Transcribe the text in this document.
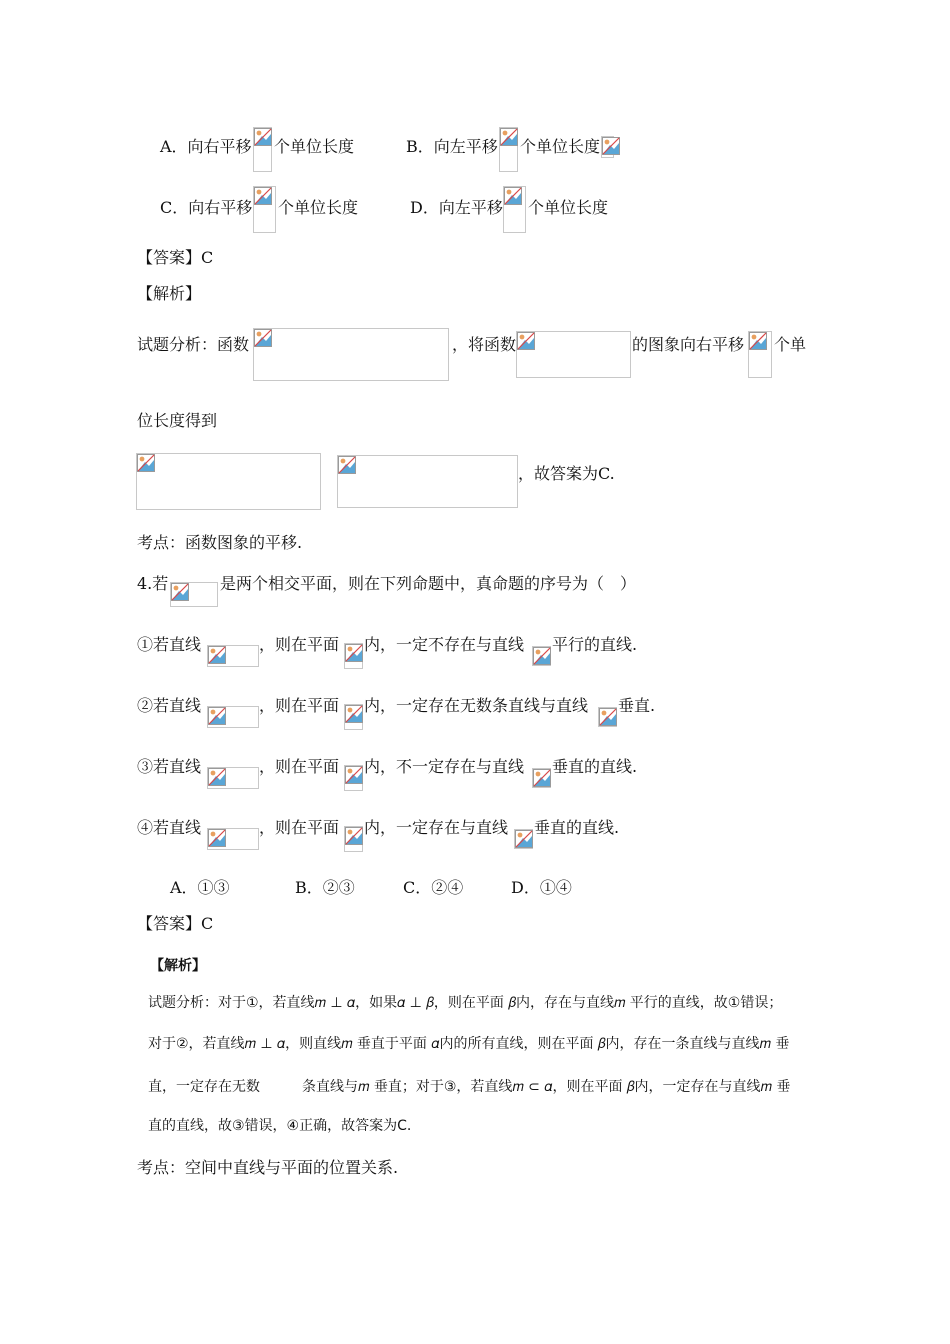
A．向右平移 个单位长度	B．向左平移 个单位长度
C．向右平移 个单位长度	D．向左平移 个单位长度
【答案】C
【解析】
试题分析：函数	，将函数	的图象向右平移 个单
位长度得到
，故答案为C.
考点：函数图象的平移.
4.若	是两个相交平面，则在下列命题中，真命题的序号为（　）
①若直线	，则在平面 内，一定不存在与直线 平行的直线.
②若直线	，则在平面 内，一定存在无数条直线与直线 垂直.
③若直线	，则在平面 内，不一定存在与直线 垂直的直线.
④若直线	，则在平面 内，一定存在与直线 垂直的直线.
A．①③	B．②③	C．②④	D．①④
【答案】C
【解析】
试题分析：对于①，若直线𝑚 ⊥ 𝛼，如果𝛼 ⊥ 𝛽，则在平面 𝛽内，存在与直线𝑚 平行的直线，故①错误；
对于②，若直线𝑚 ⊥ 𝛼，则直线𝑚 垂直于平面 𝛼内的所有直线，则在平面 𝛽内，存在一条直线与直线𝑚 垂
直，一定存在无数　　　条直线与𝑚 垂直；对于③，若直线𝑚 ⊂ 𝛼，则在平面 𝛽内，一定存在与直线𝑚 垂
直的直线，故③错误，④正确，故答案为C.
考点：空间中直线与平面的位置关系.
